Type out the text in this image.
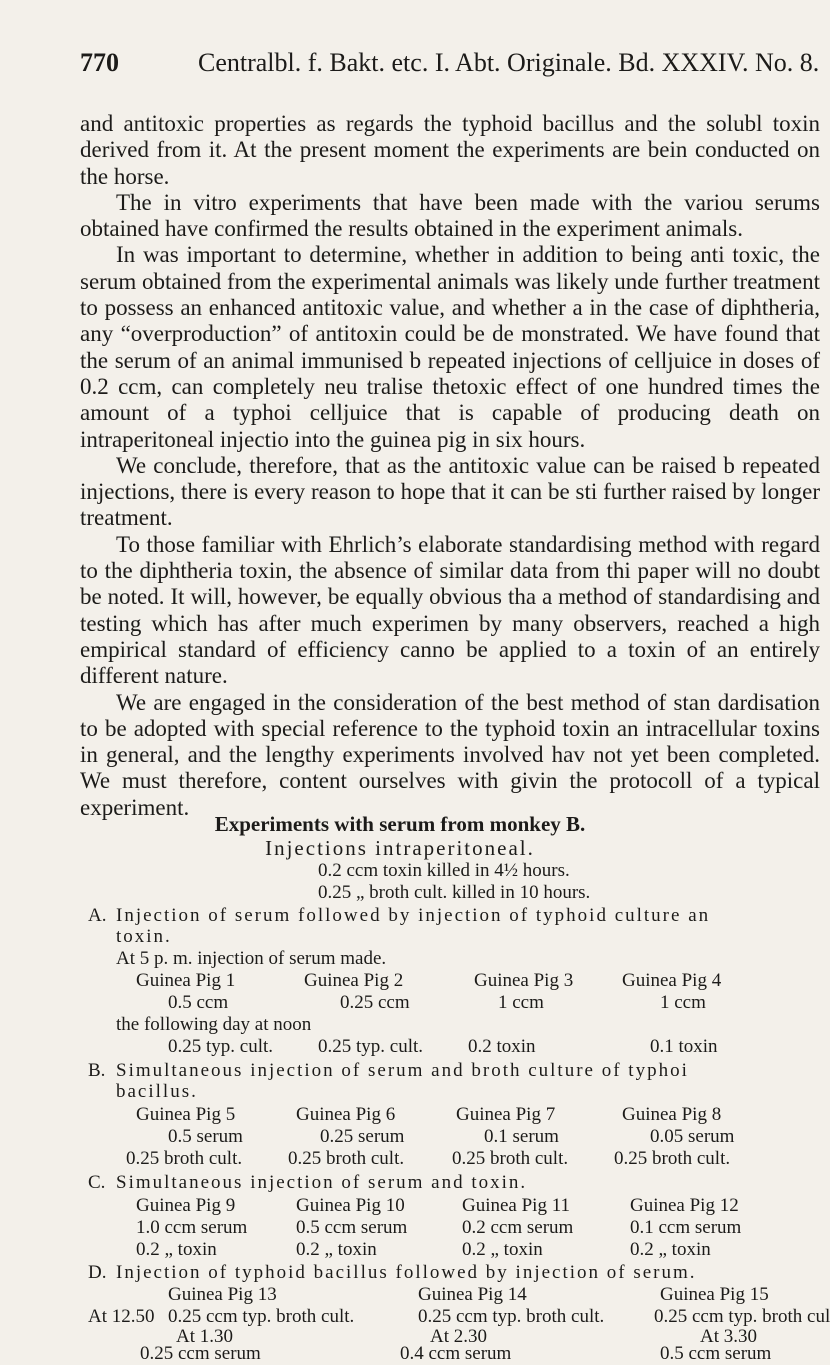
770	Centralbl. f. Bakt. etc. I. Abt. Originale. Bd. XXXIV. No. 8.

and antitoxic properties as regards the typhoid bacillus and the solubl toxin derived from it. At the present moment the experiments are bein conducted on the horse.

The in vitro experiments that have been made with the variou serums obtained have confirmed the results obtained in the experiment animals.

In was important to determine, whether in addition to being anti toxic, the serum obtained from the experimental animals was likely unde further treatment to possess an enhanced antitoxic value, and whether a in the case of diphtheria, any “overproduction” of antitoxin could be de monstrated. We have found that the serum of an animal immunised b repeated injections of celljuice in doses of 0.2 ccm, can completely neu tralise thetoxic effect of one hundred times the amount of a typhoi celljuice that is capable of producing death on intraperitoneal injectio into the guinea pig in six hours.

We conclude, therefore, that as the antitoxic value can be raised b repeated injections, there is every reason to hope that it can be sti further raised by longer treatment.

To those familiar with Ehrlich’s elaborate standardising method with regard to the diphtheria toxin, the absence of similar data from thi paper will no doubt be noted. It will, however, be equally obvious tha a method of standardising and testing which has after much experimen by many observers, reached a high empirical standard of efficiency canno be applied to a toxin of an entirely different nature.

We are engaged in the consideration of the best method of stan dardisation to be adopted with special reference to the typhoid toxin an intracellular toxins in general, and the lengthy experiments involved hav not yet been completed. We must therefore, content ourselves with givin the protocoll of a typical experiment.

Experiments with serum from monkey B.
Injections intraperitoneal.
0.2 ccm toxin killed in 4½ hours.
0.25 „ broth cult. killed in 10 hours.
A. Injection of serum followed by injection of typhoid culture an
toxin.
At 5 p. m. injection of serum made.
Guinea Pig 1	Guinea Pig 2	Guinea Pig 3	Guinea Pig 4
0.5 ccm	0.25 ccm	1 ccm	1 ccm
the following day at noon
0.25 typ. cult. 0.25 typ. cult. 0.2 toxin	0.1 toxin
B. Simultaneous injection of serum and broth culture of typhoi
bacillus.
Guinea Pig 5	Guinea Pig 6	Guinea Pig 7	Guinea Pig 8
0.5 serum	0.25 serum	0.1 serum	0.05 serum
0.25 broth cult. 0.25 broth cult.	0.25 broth cult. 0.25 broth cult.
C. Simultaneous injection of serum and toxin.
Guinea Pig 9	Guinea Pig 10	Guinea Pig 11	Guinea Pig 12
1.0 ccm serum	0.5 ccm serum	0.2 ccm serum	0.1 ccm serum
0.2 „ toxin	0.2 „ toxin	0.2 „ toxin	0.2 „ toxin
D. Injection of typhoid bacillus followed by injection of serum.
Guinea Pig 13	Guinea Pig 14	Guinea Pig 15
At 12.50 0.25 ccm typ. broth cult.	0.25 ccm typ. broth cult.	0.25 ccm typ. broth cul
At 1.30	At 2.30	At 3.30
0.25 ccm serum	0.4 ccm serum	0.5 ccm serum
